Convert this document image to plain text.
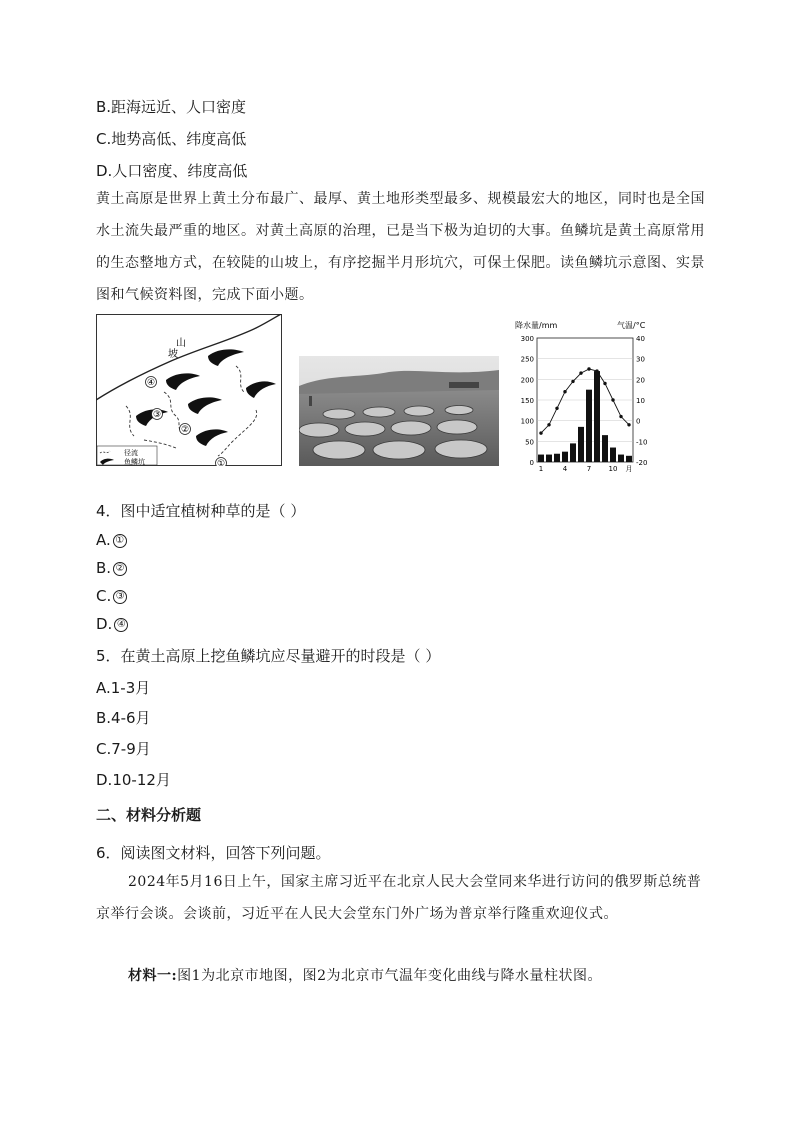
B.距海远近、人口密度
C.地势高低、纬度高低
D.人口密度、纬度高低
黄土高原是世界上黄土分布最广、最厚、黄土地形类型最多、规模最宏大的地区，同时也是全国水土流失最严重的地区。对黄土高原的治理，已是当下极为迫切的大事。鱼鳞坑是黄土高原常用的生态整地方式，在较陡的山坡上，有序挖掘半月形坑穴，可保土保肥。读鱼鳞坑示意图、实景图和气候资料图，完成下面小题。
山
坡
④
③
②
①
径流
鱼鳞坑
降水量/mm	气温/°C
0
50
100
150
200
250
300
-20
-10
0
10
20
30
40
1	4	7 10 月
4．图中适宜植树种草的是（ ）
A. ①
B. ②
C. ③
D. ④
5．在黄土高原上挖鱼鳞坑应尽量避开的时段是（ ）
A.1-3月
B.4-6月
C.7-9月
D.10-12月
二、材料分析题
6．阅读图文材料，回答下列问题。
2024年5月16日上午，国家主席习近平在北京人民大会堂同来华进行访问的俄罗斯总统普京举行会谈。会谈前，习近平在人民大会堂东门外广场为普京举行隆重欢迎仪式。
材料一:图1为北京市地图，图2为北京市气温年变化曲线与降水量柱状图。
